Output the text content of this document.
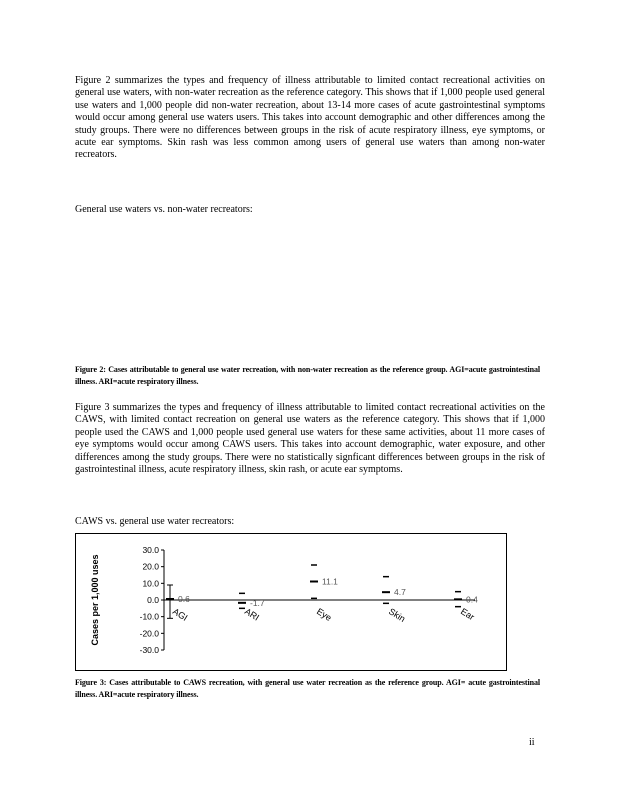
Figure 2 summarizes the types and frequency of illness attributable to limited contact recreational activities on general use waters, with non-water recreation as the reference category. This shows that if 1,000 people used general use waters and 1,000 people did non-water recreation, about 13-14 more cases of acute gastrointestinal symptoms would occur among general use waters users. This takes into account demographic and other differences among the study groups. There were no differences between groups in the risk of acute respiratory illness, eye symptoms, or acute ear symptoms. Skin rash was less common among users of general use waters than among non-water recreators.

General use waters vs. non-water recreators:

Figure 2: Cases attributable to general use water recreation, with non-water recreation as the reference group. AGI=acute gastrointestinal illness. ARI=acute respiratory illness.

Figure 3 summarizes the types and frequency of illness attributable to limited contact recreational activities on the CAWS, with limited contact recreation on general use waters as the reference category. This shows that if 1,000 people used the CAWS and 1,000 people used general use waters for these same activities, about 11 more cases of eye symptoms would occur among CAWS users. This takes into account demographic, water exposure, and other differences among the study groups. There were no statistically signficant differences between groups in the risk of gastrointestinal illness, acute respiratory illness, skin rash, or acute ear symptoms.

CAWS vs. general use water recreators:

Cases per 1,000 uses
-30.0
-20.0
-10.0
0.0
10.0
20.0
30.0
0.6
AGI
-1.7
ARI
11.1
Eye
4.7
Skin
0.4
Ear

Figure 3: Cases attributable to CAWS recreation, with general use water recreation as the reference group. AGI= acute gastrointestinal illness. ARI=acute respiratory illness.

ii
